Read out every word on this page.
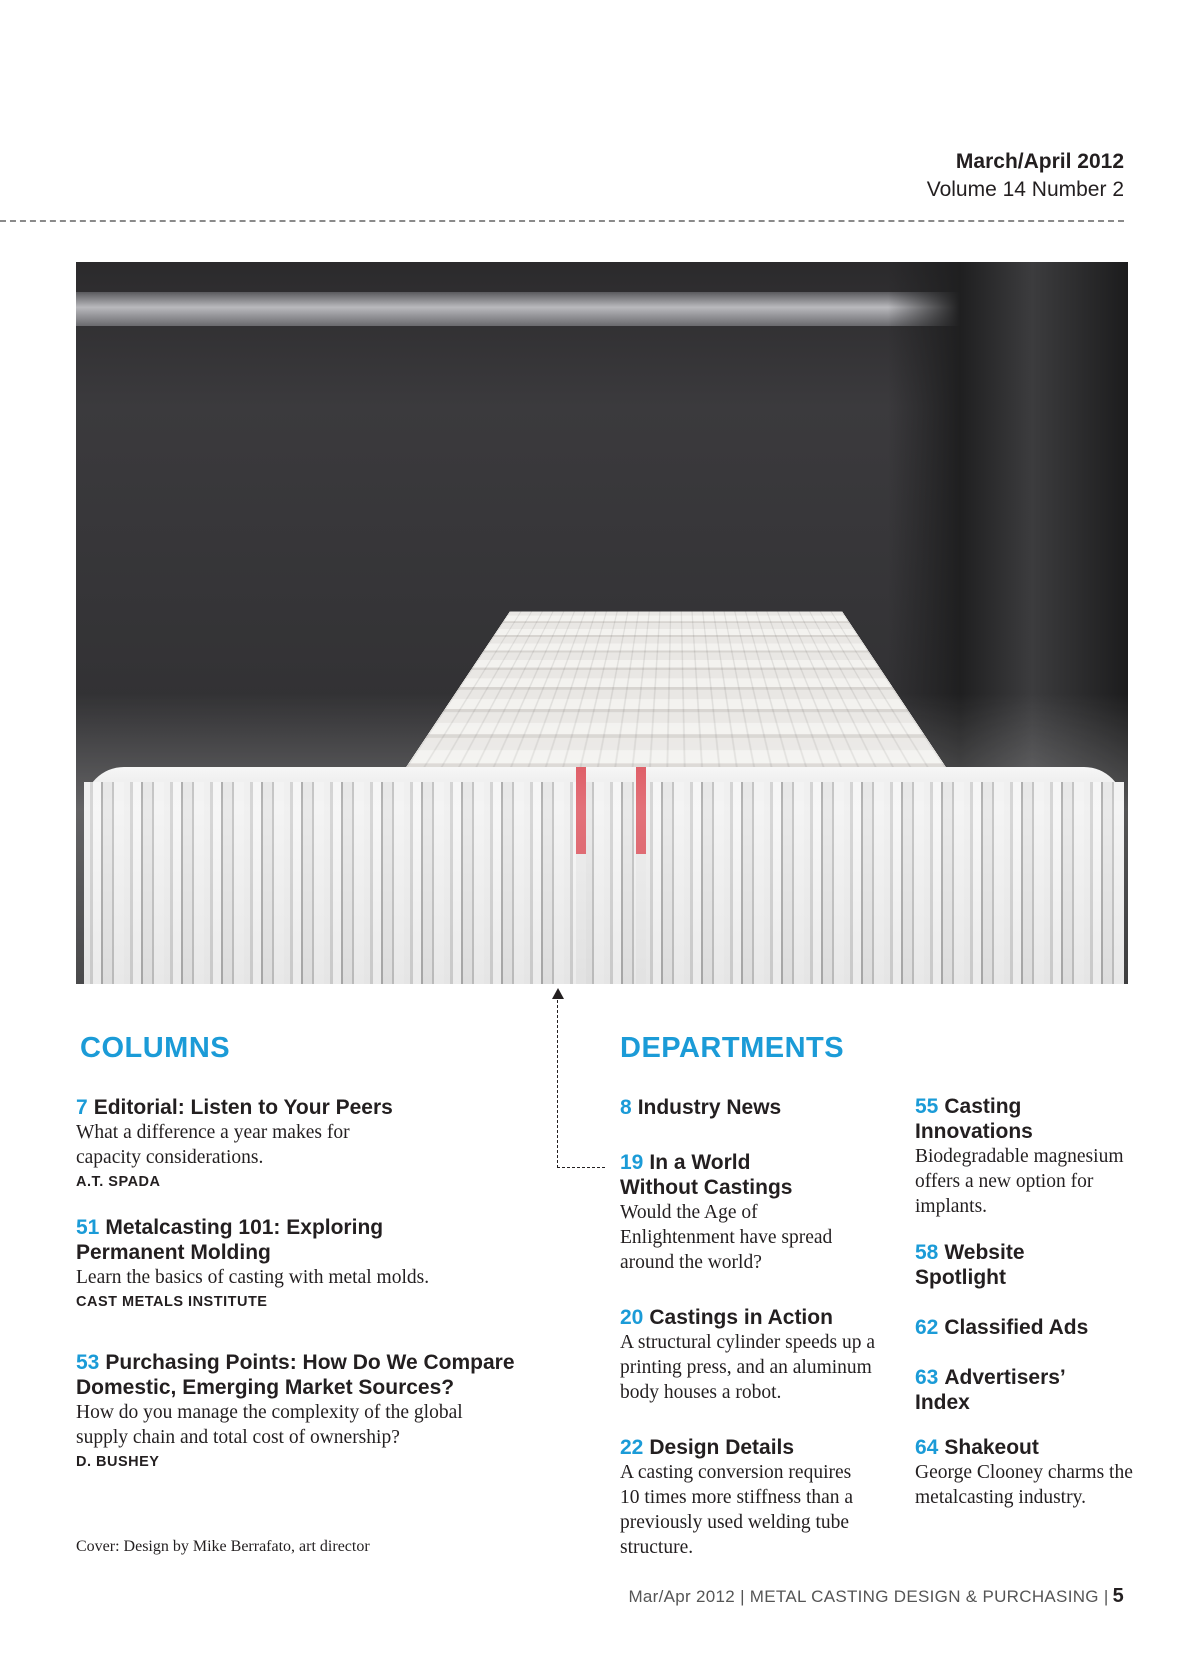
March/April 2012
Volume 14 Number 2
COLUMNS
7 Editorial: Listen to Your Peers
What a difference a year makes for capacity considerations.
A.T. SPADA
51 Metalcasting 101: Exploring Permanent Molding
Learn the basics of casting with metal molds.
CAST METALS INSTITUTE
53 Purchasing Points: How Do We Compare Domestic, Emerging Market Sources?
How do you manage the complexity of the global supply chain and total cost of ownership?
D. BUSHEY
DEPARTMENTS
8 Industry News
19 In a World Without Castings
Would the Age of Enlightenment have spread around the world?
20 Castings in Action
A structural cylinder speeds up a printing press, and an aluminum body houses a robot.
22 Design Details
A casting conversion requires 10 times more stiffness than a previously used welding tube structure.
55 Casting Innovations
Biodegradable magnesium offers a new option for implants.
58 Website Spotlight
62 Classified Ads
63 Advertisers’ Index
64 Shakeout
George Clooney charms the metalcasting industry.
Cover: Design by Mike Berrafato, art director
Mar/Apr 2012 | METAL CASTING DESIGN & PURCHASING | 5
